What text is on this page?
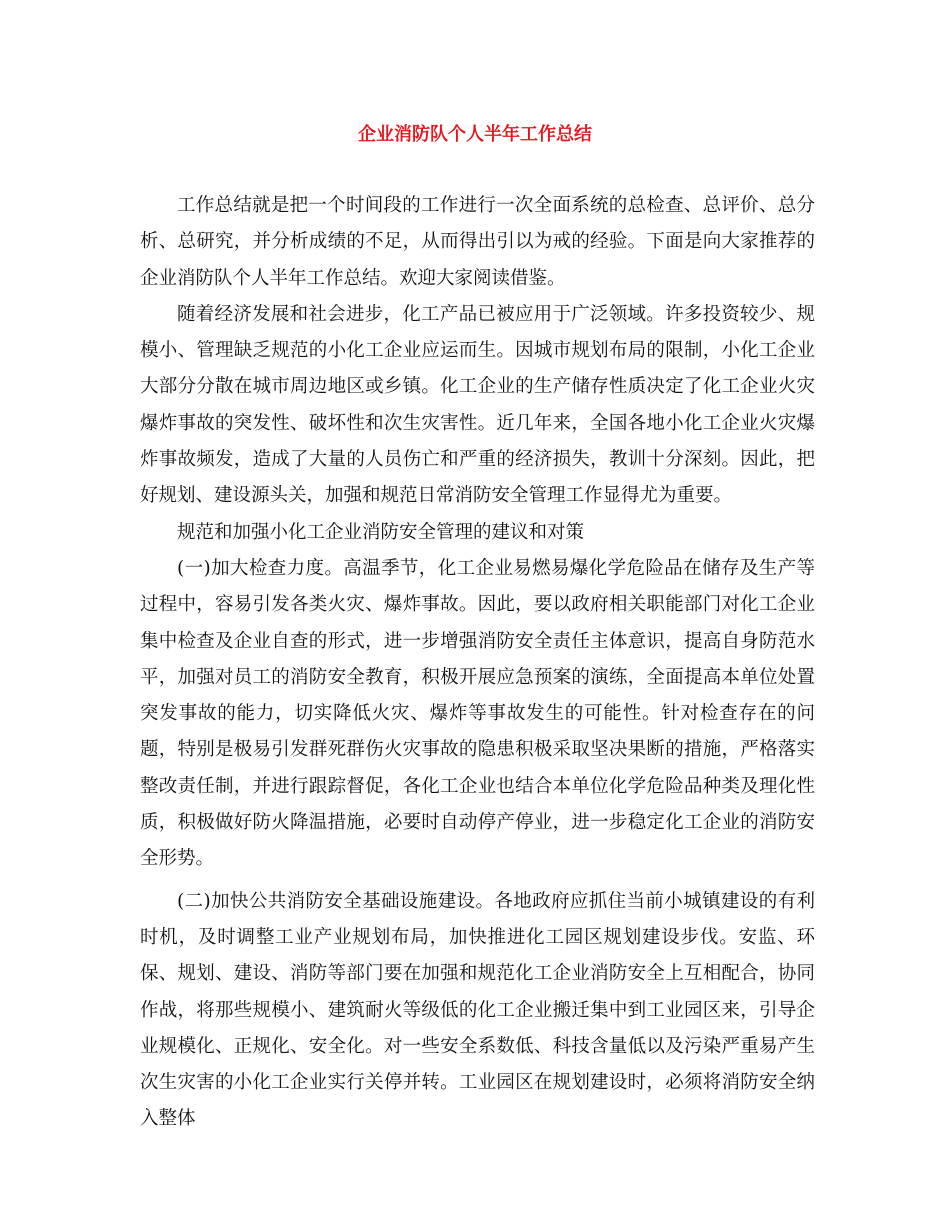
企业消防队个人半年工作总结

工作总结就是把一个时间段的工作进行一次全面系统的总检查、总评价、总分析、总研究，并分析成绩的不足，从而得出引以为戒的经验。下面是向大家推荐的企业消防队个人半年工作总结。欢迎大家阅读借鉴。

随着经济发展和社会进步，化工产品已被应用于广泛领域。许多投资较少、规模小、管理缺乏规范的小化工企业应运而生。因城市规划布局的限制，小化工企业大部分分散在城市周边地区或乡镇。化工企业的生产储存性质决定了化工企业火灾爆炸事故的突发性、破坏性和次生灾害性。近几年来，全国各地小化工企业火灾爆炸事故频发，造成了大量的人员伤亡和严重的经济损失，教训十分深刻。因此，把好规划、建设源头关，加强和规范日常消防安全管理工作显得尤为重要。

规范和加强小化工企业消防安全管理的建议和对策

(一)加大检查力度。高温季节，化工企业易燃易爆化学危险品在储存及生产等过程中，容易引发各类火灾、爆炸事故。因此，要以政府相关职能部门对化工企业集中检查及企业自查的形式，进一步增强消防安全责任主体意识，提高自身防范水平，加强对员工的消防安全教育，积极开展应急预案的演练，全面提高本单位处置突发事故的能力，切实降低火灾、爆炸等事故发生的可能性。针对检查存在的问题，特别是极易引发群死群伤火灾事故的隐患积极采取坚决果断的措施，严格落实整改责任制，并进行跟踪督促，各化工企业也结合本单位化学危险品种类及理化性质，积极做好防火降温措施，必要时自动停产停业，进一步稳定化工企业的消防安全形势。

(二)加快公共消防安全基础设施建设。各地政府应抓住当前小城镇建设的有利时机，及时调整工业产业规划布局，加快推进化工园区规划建设步伐。安监、环保、规划、建设、消防等部门要在加强和规范化工企业消防安全上互相配合，协同作战，将那些规模小、建筑耐火等级低的化工企业搬迁集中到工业园区来，引导企业规模化、正规化、安全化。对一些安全系数低、科技含量低以及污染严重易产生次生灾害的小化工企业实行关停并转。工业园区在规划建设时，必须将消防安全纳入整体
